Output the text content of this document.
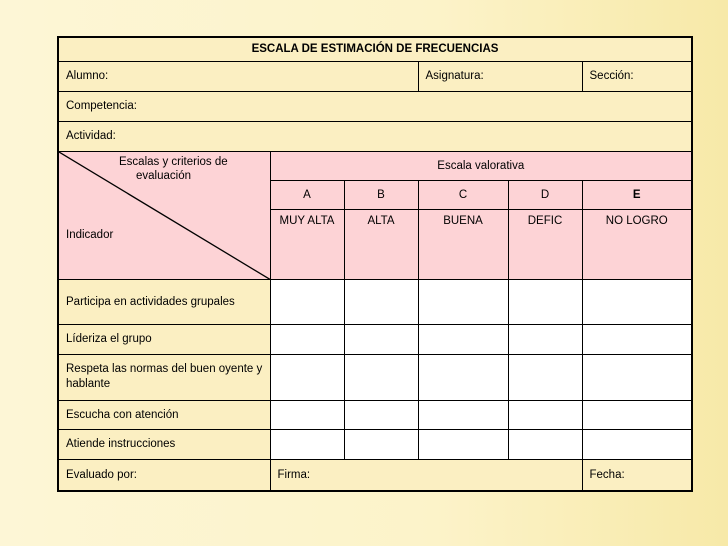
ESCALA DE ESTIMACIÓN DE FRECUENCIAS					
Alumno:			Asignatura:		Sección:
Competencia:					
Actividad:					

Escalas y criterios de
evaluación
Indicador	Escala valorativa				
	A	B	C	D	E
	MUY ALTA	ALTA	BUENA	DEFIC	NO LOGRO
Participa en actividades grupales					
Líderiza el grupo					
Respeta las normas del buen oyente y hablante					
Escucha con atención					
Atiende instrucciones					
Evaluado por:	Firma:				Fecha:
